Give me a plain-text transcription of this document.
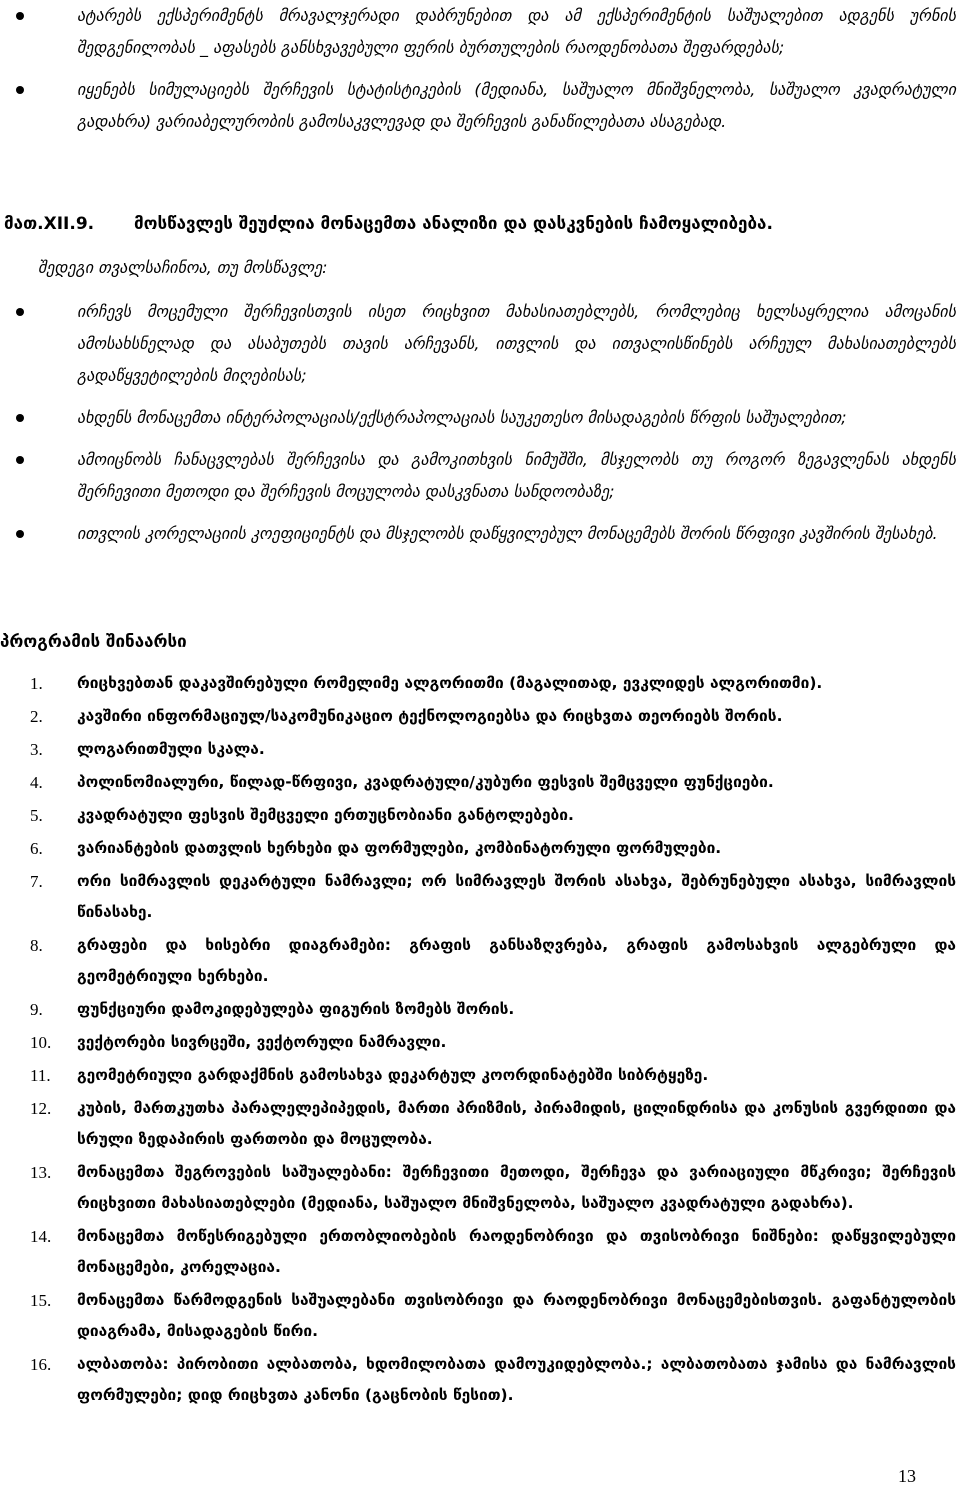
ატარებს ექსპერიმენტს მრავალჯერადი დაბრუნებით და ამ ექსპერიმენტის საშუალებით ადგენს ურნის შედგენილობას _ აფასებს განსხვავებული ფერის ბურთულების რაოდენობათა შეფარდებას;
იყენებს სიმულაციებს შერჩევის სტატისტიკების (მედიანა, საშუალო მნიშვნელობა, საშუალო კვადრატული გადახრა) ვარიაბელურობის გამოსაკვლევად და შერჩევის განაწილებათა ასაგებად.
მათ.XII.9. მოსწავლეს შეუძლია მონაცემთა ანალიზი და დასკვნების ჩამოყალიბება.
შედეგი თვალსაჩინოა, თუ მოსწავლე:
ირჩევს მოცემული შერჩევისთვის ისეთ რიცხვით მახასიათებლებს, რომლებიც ხელსაყრელია ამოცანის ამოსახსნელად და ასაბუთებს თავის არჩევანს, ითვლის და ითვალისწინებს არჩეულ მახასიათებლებს გადაწყვეტილების მიღებისას;
ახდენს მონაცემთა ინტერპოლაციას/ექსტრაპოლაციას საუკეთესო მისადაგების წრფის საშუალებით;
ამოიცნობს ჩანაცვლებას შერჩევისა და გამოკითხვის ნიმუშში, მსჯელობს თუ როგორ ზეგავლენას ახდენს შერჩევითი მეთოდი და შერჩევის მოცულობა დასკვნათა სანდოობაზე;
ითვლის კორელაციის კოეფიციენტს და მსჯელობს დაწყვილებულ მონაცემებს შორის წრფივი კავშირის შესახებ.
პროგრამის შინაარსი
1.	რიცხვებთან დაკავშირებული რომელიმე ალგორითმი (მაგალითად, ევკლიდეს ალგორითმი).
2.	კავშირი ინფორმაციულ/საკომუნიკაციო ტექნოლოგიებსა და რიცხვთა თეორიებს შორის.
3.	ლოგარითმული სკალა.
4.	პოლინომიალური, წილად-წრფივი, კვადრატული/კუბური ფესვის შემცველი ფუნქციები.
5.	კვადრატული ფესვის შემცველი ერთუცნობიანი განტოლებები.
6.	ვარიანტების დათვლის ხერხები და ფორმულები, კომბინატორული ფორმულები.
7.	ორი სიმრავლის დეკარტული ნამრავლი; ორ სიმრავლეს შორის ასახვა, შებრუნებული ასახვა, სიმრავლის წინასახე.
8.	გრაფები და ხისებრი დიაგრამები: გრაფის განსაზღვრება, გრაფის გამოსახვის ალგებრული და გეომეტრიული ხერხები.
9.	ფუნქციური დამოკიდებულება ფიგურის ზომებს შორის.
10.	ვექტორები სივრცეში, ვექტორული ნამრავლი.
11.	გეომეტრიული გარდაქმნის გამოსახვა დეკარტულ კოორდინატებში სიბრტყეზე.
12.	კუბის, მართკუთხა პარალელეპიპედის, მართი პრიზმის, პირამიდის, ცილინდრისა და კონუსის გვერდითი და სრული ზედაპირის ფართობი და მოცულობა.
13.	მონაცემთა შეგროვების საშუალებანი: შერჩევითი მეთოდი, შერჩევა და ვარიაციული მწკრივი; შერჩევის რიცხვითი მახასიათებლები (მედიანა, საშუალო მნიშვნელობა, საშუალო კვადრატული გადახრა).
14.	მონაცემთა მოწესრიგებული ერთობლიობების რაოდენობრივი და თვისობრივი ნიშნები: დაწყვილებული მონაცემები, კორელაცია.
15.	მონაცემთა წარმოდგენის საშუალებანი თვისობრივი და რაოდენობრივი მონაცემებისთვის. გაფანტულობის დიაგრამა, მისადაგების წირი.
16.	ალბათობა: პირობითი ალბათობა, ხდომილობათა დამოუკიდებლობა.; ალბათობათა ჯამისა და ნამრავლის ფორმულები; დიდ რიცხვთა კანონი (გაცნობის წესით).
13
